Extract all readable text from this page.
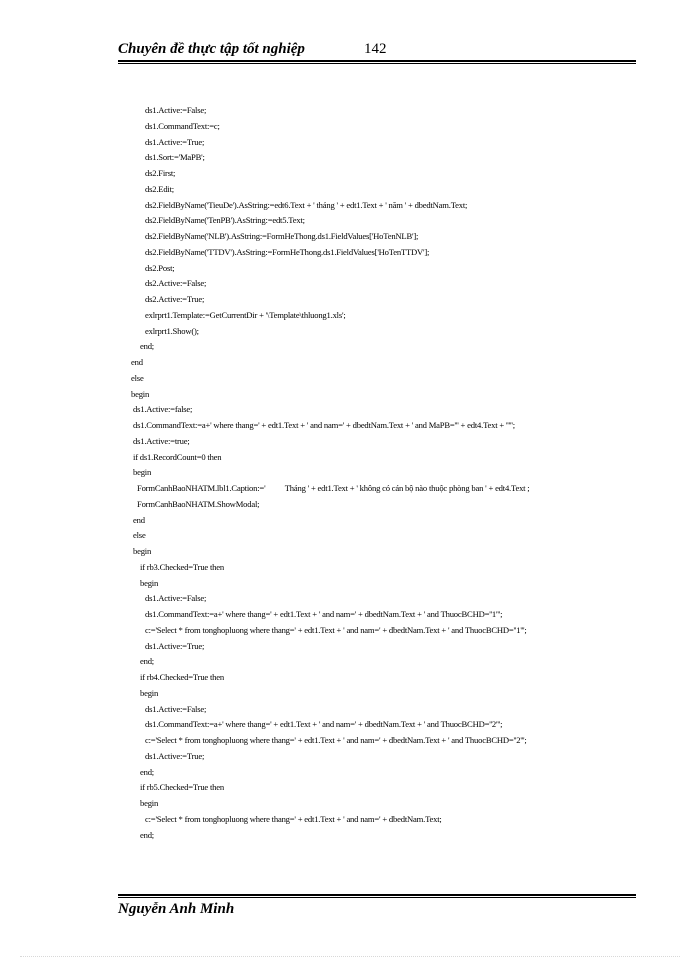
Chuyên đề thực tập tốt nghiệp	142
ds1.Active:=False;
ds1.CommandText:=c;
ds1.Active:=True;
ds1.Sort:='MaPB';
ds2.First;
ds2.Edit;
ds2.FieldByName('TieuDe').AsString:=edt6.Text + ' tháng ' + edt1.Text + ' năm ' + dbedtNam.Text;
ds2.FieldByName('TenPB').AsString:=edt5.Text;
ds2.FieldByName('NLB').AsString:=FormHeThong.ds1.FieldValues['HoTenNLB'];
ds2.FieldByName('TTDV').AsString:=FormHeThong.ds1.FieldValues['HoTenTTDV'];
ds2.Post;
ds2.Active:=False;
ds2.Active:=True;
exlrprt1.Template:=GetCurrentDir + '\Template\thluong1.xls';
exlrprt1.Show();
end;
end
else
begin
ds1.Active:=false;
ds1.CommandText:=a+' where thang=' + edt1.Text + ' and nam=' + dbedtNam.Text + ' and MaPB=''' + edt4.Text + ''''';
ds1.Active:=true;
if ds1.RecordCount=0 then
begin
FormCanhBaoNHATM.lbl1.Caption:='          Tháng ' + edt1.Text + ' không có cán bộ nào thuộc phòng ban ' + edt4.Text ;
FormCanhBaoNHATM.ShowModal;
end
else
begin
if rb3.Checked=True then
begin
ds1.Active:=False;
ds1.CommandText:=a+' where thang=' + edt1.Text + ' and nam=' + dbedtNam.Text + ' and ThuocBCHD=''1''';
c:='Select * from tonghopluong where thang=' + edt1.Text + ' and nam=' + dbedtNam.Text + ' and ThuocBCHD=''1''';
ds1.Active:=True;
end;
if rb4.Checked=True then
begin
ds1.Active:=False;
ds1.CommandText:=a+' where thang=' + edt1.Text + ' and nam=' + dbedtNam.Text + ' and ThuocBCHD=''2''';
c:='Select * from tonghopluong where thang=' + edt1.Text + ' and nam=' + dbedtNam.Text + ' and ThuocBCHD=''2''';
ds1.Active:=True;
end;
if rb5.Checked=True then
begin
c:='Select * from tonghopluong where thang=' + edt1.Text + ' and nam=' + dbedtNam.Text;
end;
Nguyễn Anh Minh
